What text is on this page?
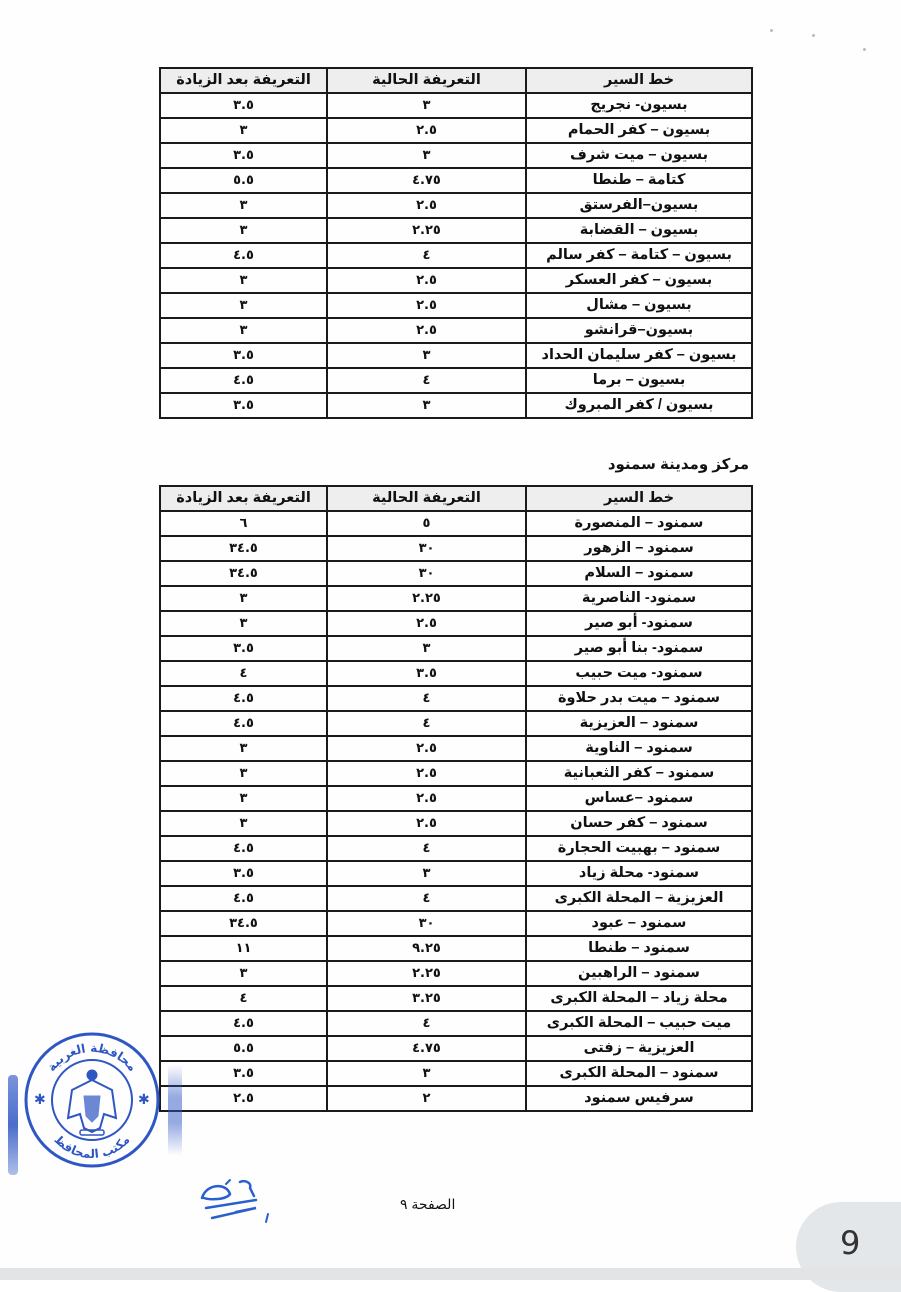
خط السير	التعريفة الحالية	التعريفة بعد الزيادة
بسيون- نجريج	٣	٣.٥
بسيون – كفر الحمام	٢.٥	٣
بسيون – ميت شرف	٣	٣.٥
كتامة – طنطا	٤.٧٥	٥.٥
بسيون–الفرستق	٢.٥	٣
بسيون – القضابة	٢.٢٥	٣
بسيون – كتامة – كفر سالم	٤	٤.٥
بسيون – كفر العسكر	٢.٥	٣
بسيون – مشال	٢.٥	٣
بسيون–قرانشو	٢.٥	٣
بسيون – كفر سليمان الحداد	٣	٣.٥
بسيون – برما	٤	٤.٥
بسيون / كفر المبروك	٣	٣.٥
مركز ومدينة سمنود
خط السير	التعريفة الحالية	التعريفة بعد الزيادة
سمنود – المنصورة	٥	٦
سمنود – الزهور	٣٠	٣٤.٥
سمنود – السلام	٣٠	٣٤.٥
سمنود- الناصرية	٢.٢٥	٣
سمنود- أبو صير	٢.٥	٣
سمنود- بنا أبو صير	٣	٣.٥
سمنود- ميت حبيب	٣.٥	٤
سمنود – ميت بدر حلاوة	٤	٤.٥
سمنود – العزيزية	٤	٤.٥
سمنود – الناوية	٢.٥	٣
سمنود – كفر الثعبانية	٢.٥	٣
سمنود –عساس	٢.٥	٣
سمنود – كفر حسان	٢.٥	٣
سمنود – بهبيت الحجارة	٤	٤.٥
سمنود- محلة زياد	٣	٣.٥
العزيزية – المحلة الكبرى	٤	٤.٥
سمنود – عبود	٣٠	٣٤.٥
سمنود – طنطا	٩.٢٥	١١
سمنود – الراهبين	٢.٢٥	٣
محلة زياد – المحلة الكبرى	٣.٢٥	٤
ميت حبيب – المحلة الكبرى	٤	٤.٥
العزيزية – زفتى	٤.٧٥	٥.٥
سمنود – المحلة الكبرى	٣	٣.٥
سرفيس سمنود	٢	٢.٥
محافظة الغربية
مكتب المحافظ
✱	✱
الصفحة ٩
9
